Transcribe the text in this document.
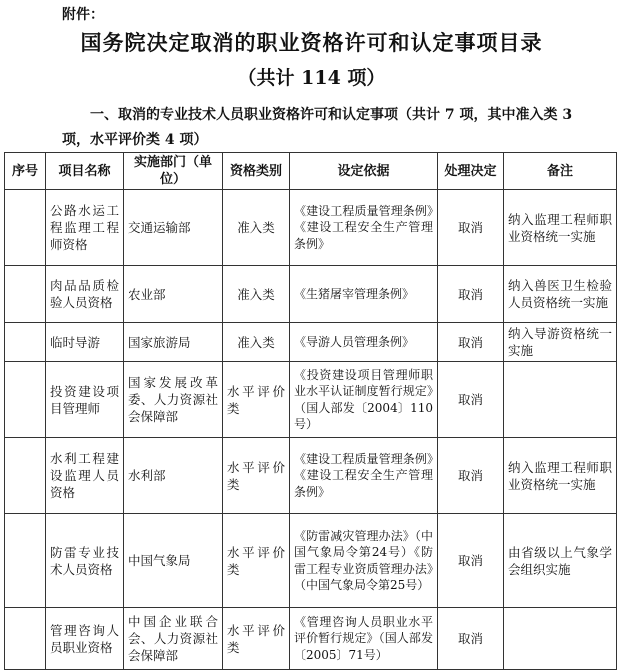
附件：
国务院决定取消的职业资格许可和认定事项目录
（共计 114 项）
一、取消的专业技术人员职业资格许可和认定事项（共计 7 项，其中准入类 3 项，水平评价类 4 项）
序号	项目名称	实施部门（单位）	资格类别	设定依据	处理决定	备注
	公路水运工程监理工程师资格	交通运输部	准入类	《建设工程质量管理条例》《建设工程安全生产管理条例》	取消	纳入监理工程师职业资格统一实施
	肉品品质检验人员资格	农业部	准入类	《生猪屠宰管理条例》	取消	纳入兽医卫生检验人员资格统一实施
	临时导游	国家旅游局	准入类	《导游人员管理条例》	取消	纳入导游资格统一实施
	投资建设项目管理师	国家发展改革委、人力资源社会保障部	水平评价类	《投资建设项目管理师职业水平认证制度暂行规定》（国人部发〔2004〕110号）	取消	
	水利工程建设监理人员资格	水利部	水平评价类	《建设工程质量管理条例》《建设工程安全生产管理条例》	取消	纳入监理工程师职业资格统一实施
	防雷专业技术人员资格	中国气象局	水平评价类	《防雷减灾管理办法》（中国气象局令第24号）《防雷工程专业资质管理办法》（中国气象局令第25号）	取消	由省级以上气象学会组织实施
	管理咨询人员职业资格	中国企业联合会、人力资源社会保障部	水平评价类	《管理咨询人员职业水平评价暂行规定》（国人部发〔2005〕71号）	取消	
